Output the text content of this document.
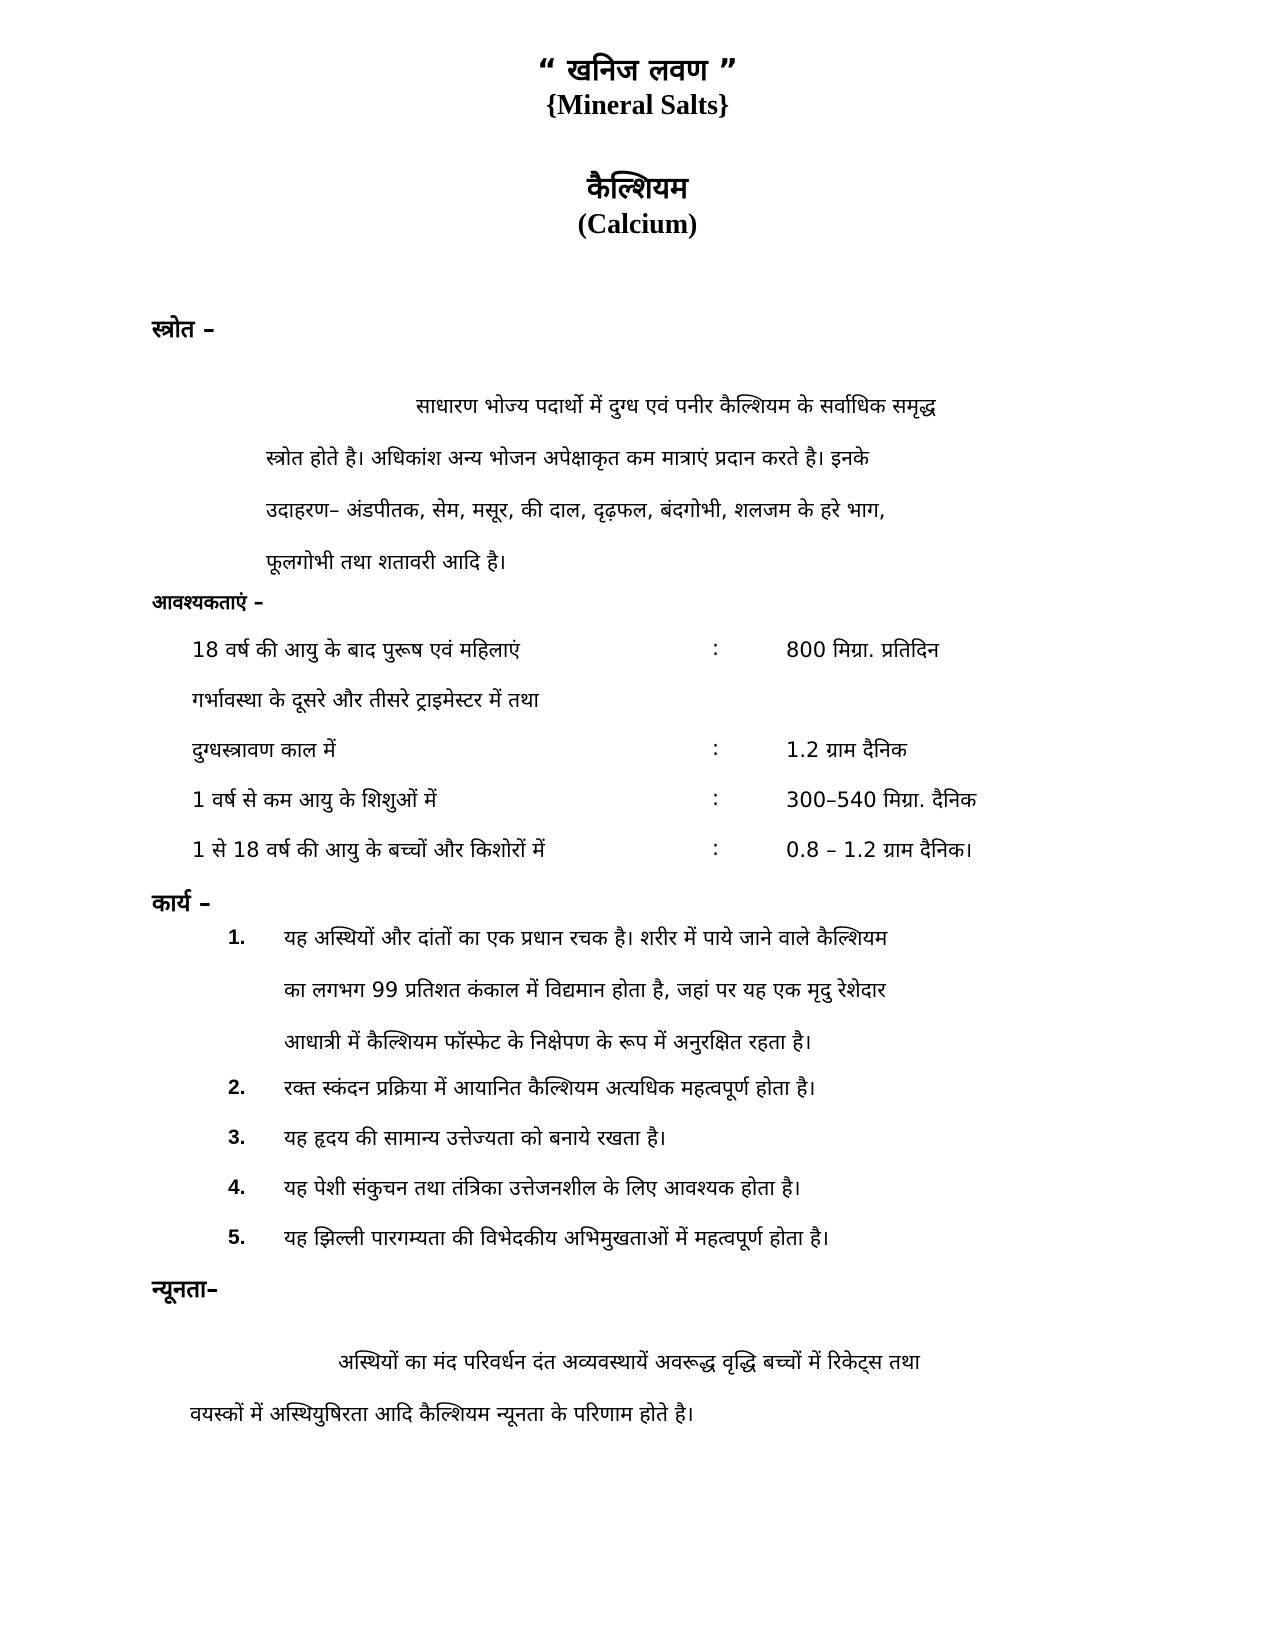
“ खनिज लवण ”
{Mineral Salts}
कैल्शियम
(Calcium)
स्त्रोत –
साधारण भोज्य पदार्थो में दुग्ध एवं पनीर कैल्शियम के सर्वाधिक समृद्ध
स्त्रोत होते है। अधिकांश अन्य भोजन अपेक्षाकृत कम मात्राएं प्रदान करते है। इनके
उदाहरण– अंडपीतक, सेम, मसूर, की दाल, दृढ़फल, बंदगोभी, शलजम के हरे भाग,
फूलगोभी तथा शतावरी आदि है।
आवश्यकताएं –
18 वर्ष की आयु के बाद पुरूष एवं महिलाएं	:	800 मिग्रा. प्रतिदिन
गर्भावस्था के दूसरे और तीसरे ट्राइमेस्टर में तथा
दुग्धस्त्रावण काल में	:	1.2 ग्राम दैनिक
1 वर्ष से कम आयु के शिशुओं में	:	300–540 मिग्रा. दैनिक
1 से 18 वर्ष की आयु के बच्चों और किशोरों में	:	0.8 – 1.2 ग्राम दैनिक।
कार्य –
1. यह अस्थियों और दांतों का एक प्रधान रचक है। शरीर में पाये जाने वाले कैल्शियम
का लगभग 99 प्रतिशत कंकाल में विद्यमान होता है, जहां पर यह एक मृदु रेशेदार
आधात्री में कैल्शियम फॉस्फेट के निक्षेपण के रूप में अनुरक्षित रहता है।
2. रक्त स्कंदन प्रक्रिया में आयानित कैल्शियम अत्यधिक महत्वपूर्ण होता है।
3. यह हृदय की सामान्य उत्तेज्यता को बनाये रखता है।
4. यह पेशी संकुचन तथा तंत्रिका उत्तेजनशील के लिए आवश्यक होता है।
5. यह झिल्ली पारगम्यता की विभेदकीय अभिमुखताओं में महत्वपूर्ण होता है।
न्यूनता–
अस्थियों का मंद परिवर्धन दंत अव्यवस्थायें अवरूद्ध वृद्धि बच्चों में रिकेट्स तथा
वयस्कों में अस्थियुषिरता आदि कैल्शियम न्यूनता के परिणाम होते है।
